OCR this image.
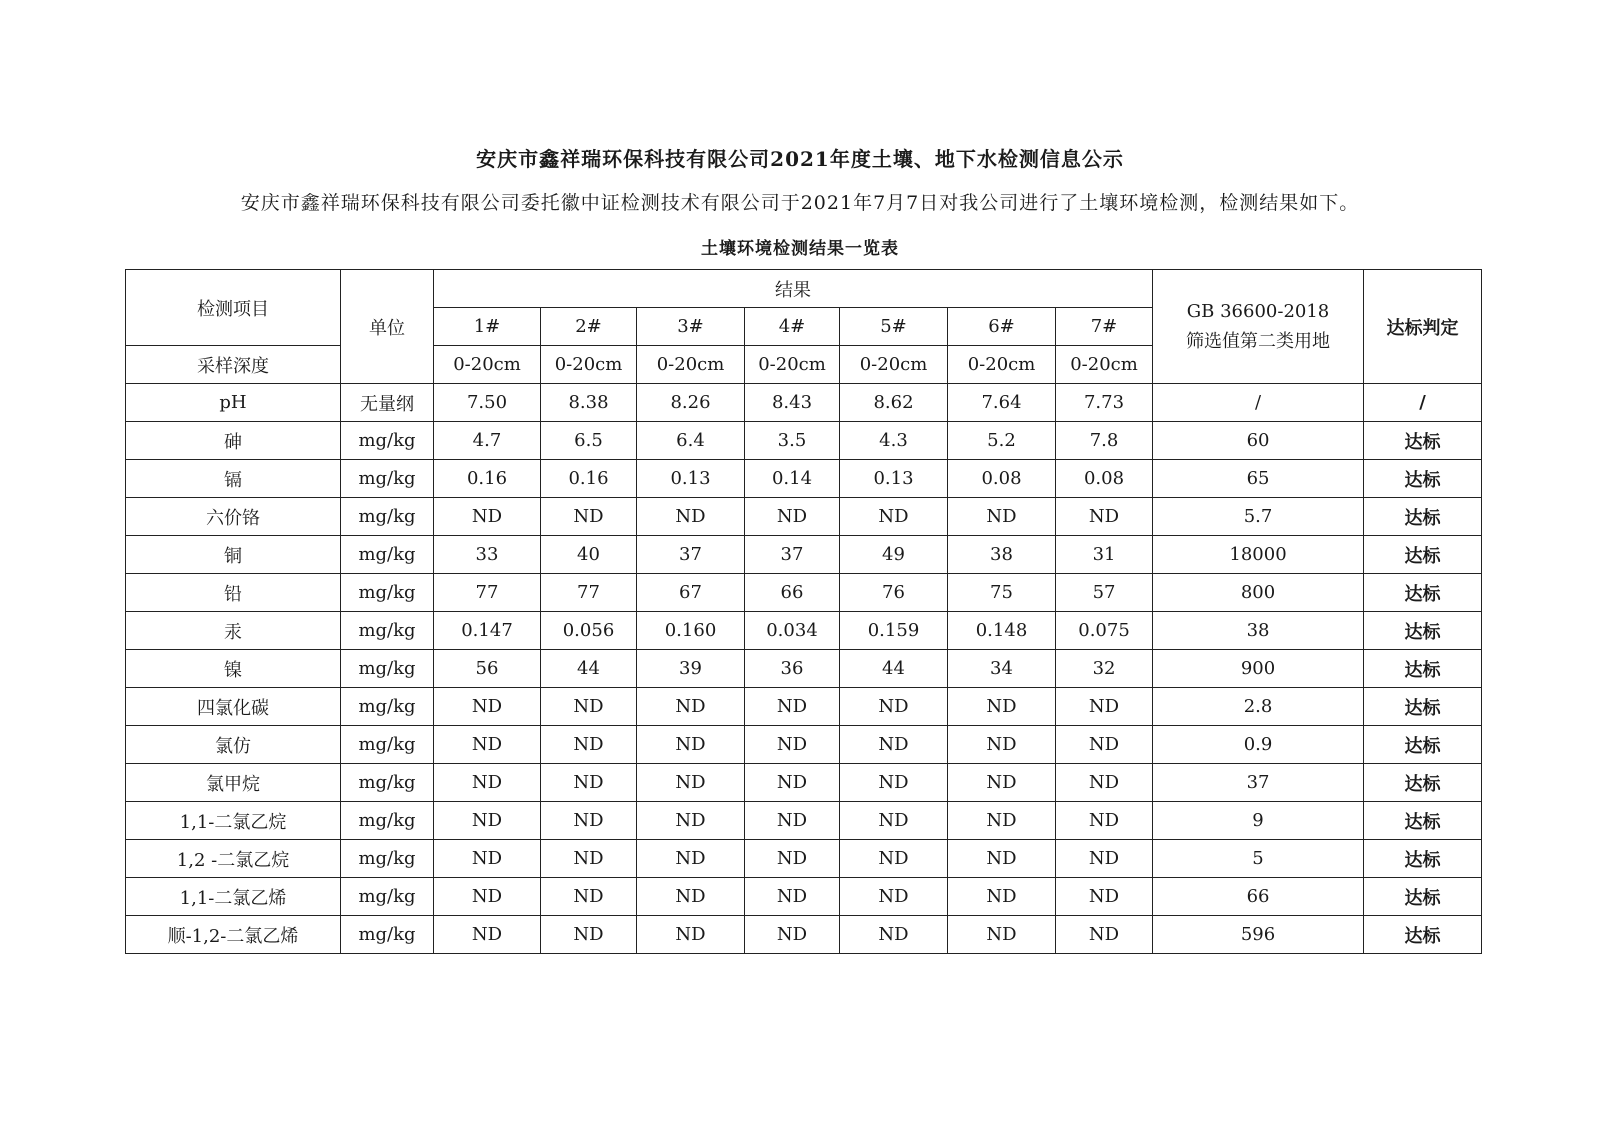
安庆市鑫祥瑞环保科技有限公司2021年度土壤、地下水检测信息公示
安庆市鑫祥瑞环保科技有限公司委托徽中证检测技术有限公司于2021年7月7日对我公司进行了土壤环境检测，检测结果如下。
土壤环境检测结果一览表
检测项目	单位	结果							GB 36600-2018
筛选值第二类用地	达标判定
		1#	2#	3#	4#	5#	6#	7#		
采样深度		0-20cm	0-20cm	0-20cm	0-20cm	0-20cm	0-20cm	0-20cm		
pH	无量纲	7.50	8.38	8.26	8.43	8.62	7.64	7.73	/	/
砷	mg/kg	4.7	6.5	6.4	3.5	4.3	5.2	7.8	60	达标
镉	mg/kg	0.16	0.16	0.13	0.14	0.13	0.08	0.08	65	达标
六价铬	mg/kg	ND	ND	ND	ND	ND	ND	ND	5.7	达标
铜	mg/kg	33	40	37	37	49	38	31	18000	达标
铅	mg/kg	77	77	67	66	76	75	57	800	达标
汞	mg/kg	0.147	0.056	0.160	0.034	0.159	0.148	0.075	38	达标
镍	mg/kg	56	44	39	36	44	34	32	900	达标
四氯化碳	mg/kg	ND	ND	ND	ND	ND	ND	ND	2.8	达标
氯仿	mg/kg	ND	ND	ND	ND	ND	ND	ND	0.9	达标
氯甲烷	mg/kg	ND	ND	ND	ND	ND	ND	ND	37	达标
1,1-二氯乙烷	mg/kg	ND	ND	ND	ND	ND	ND	ND	9	达标
1,2 -二氯乙烷	mg/kg	ND	ND	ND	ND	ND	ND	ND	5	达标
1,1-二氯乙烯	mg/kg	ND	ND	ND	ND	ND	ND	ND	66	达标
顺-1,2-二氯乙烯	mg/kg	ND	ND	ND	ND	ND	ND	ND	596	达标
